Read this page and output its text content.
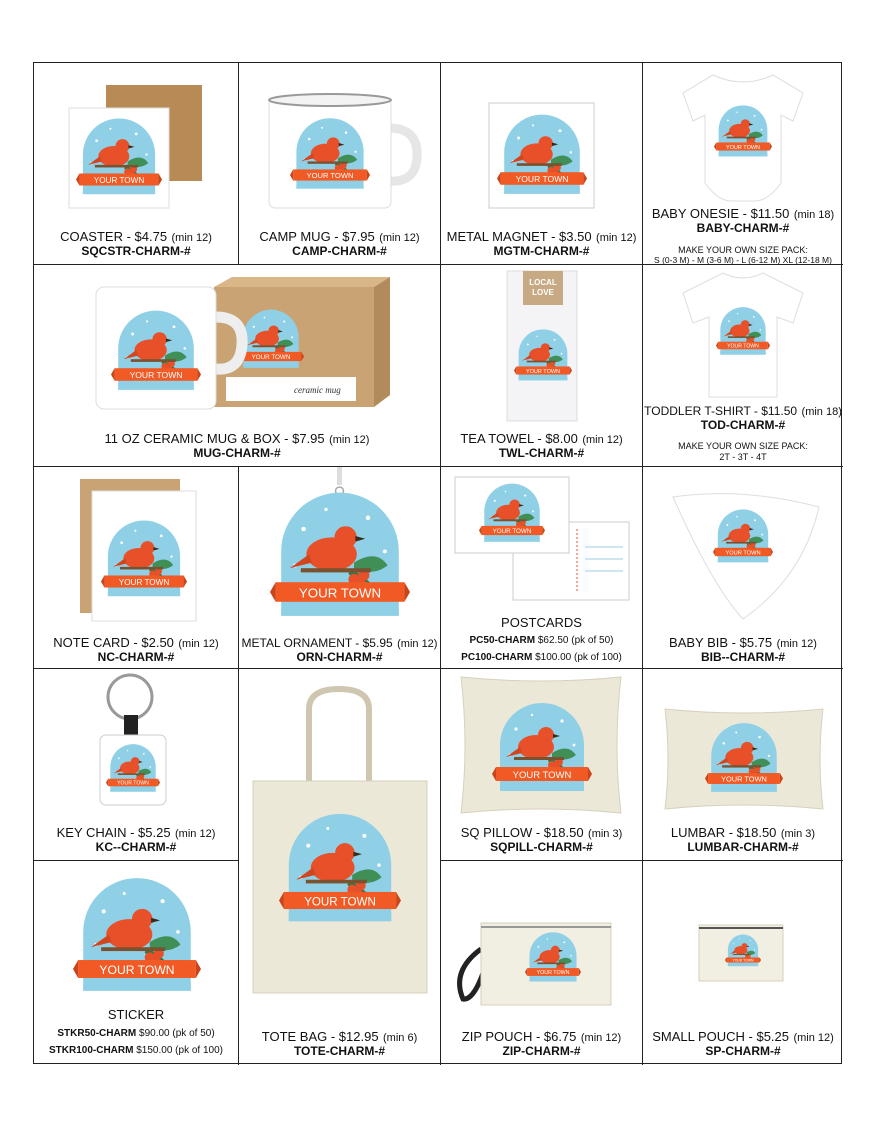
COASTER - $4.75 (min 12)
SQCSTR-CHARM-#
CAMP MUG - $7.95 (min 12)
CAMP-CHARM-#
METAL MAGNET - $3.50 (min 12)
MGTM-CHARM-#
BABY ONESIE - $11.50 (min 18)
BABY-CHARM-#
MAKE YOUR OWN SIZE PACK:
S (0-3 M) - M (3-6 M) - L (6-12 M) XL (12-18 M)
ceramic mug
11 OZ CERAMIC MUG & BOX - $7.95 (min 12)
MUG-CHARM-#
LOCAL
LOVE
TEA TOWEL - $8.00 (min 12)
TWL-CHARM-#
TODDLER T-SHIRT - $11.50 (min 18)
TOD-CHARM-#
MAKE YOUR OWN SIZE PACK:
2T - 3T - 4T
NOTE CARD - $2.50 (min 12)
NC-CHARM-#
METAL ORNAMENT - $5.95 (min 12)
ORN-CHARM-#
POSTCARDS
PC50-CHARM $62.50 (pk of 50)
PC100-CHARM $100.00 (pk of 100)
BABY BIB - $5.75 (min 12)
BIB--CHARM-#
KEY CHAIN - $5.25 (min 12)
KC--CHARM-#
TOTE BAG - $12.95 (min 6)
TOTE-CHARM-#
SQ PILLOW - $18.50 (min 3)
SQPILL-CHARM-#
LUMBAR - $18.50 (min 3)
LUMBAR-CHARM-#
STICKER
STKR50-CHARM $90.00 (pk of 50)
STKR100-CHARM $150.00 (pk of 100)
ZIP POUCH - $6.75 (min 12)
ZIP-CHARM-#
SMALL POUCH - $5.25 (min 12)
SP-CHARM-#
